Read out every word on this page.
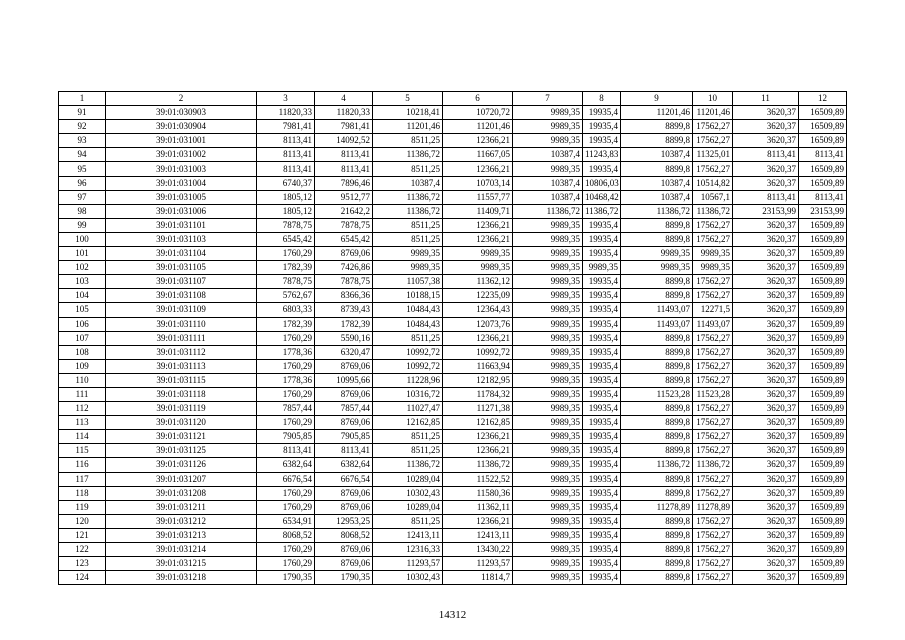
1	2	3	4	5	6	7	8	9	10	11	12
91	39:01:030903	11820,33	11820,33	10218,41	10720,72	9989,35	19935,4	11201,46	11201,46	3620,37	16509,89
92	39:01:030904	7981,41	7981,41	11201,46	11201,46	9989,35	19935,4	8899,8	17562,27	3620,37	16509,89
93	39:01:031001	8113,41	14092,52	8511,25	12366,21	9989,35	19935,4	8899,8	17562,27	3620,37	16509,89
94	39:01:031002	8113,41	8113,41	11386,72	11667,05	10387,4	11243,83	10387,4	11325,01	8113,41	8113,41
95	39:01:031003	8113,41	8113,41	8511,25	12366,21	9989,35	19935,4	8899,8	17562,27	3620,37	16509,89
96	39:01:031004	6740,37	7896,46	10387,4	10703,14	10387,4	10806,03	10387,4	10514,82	3620,37	16509,89
97	39:01:031005	1805,12	9512,77	11386,72	11557,77	10387,4	10468,42	10387,4	10567,1	8113,41	8113,41
98	39:01:031006	1805,12	21642,2	11386,72	11409,71	11386,72	11386,72	11386,72	11386,72	23153,99	23153,99
99	39:01:031101	7878,75	7878,75	8511,25	12366,21	9989,35	19935,4	8899,8	17562,27	3620,37	16509,89
100	39:01:031103	6545,42	6545,42	8511,25	12366,21	9989,35	19935,4	8899,8	17562,27	3620,37	16509,89
101	39:01:031104	1760,29	8769,06	9989,35	9989,35	9989,35	19935,4	9989,35	9989,35	3620,37	16509,89
102	39:01:031105	1782,39	7426,86	9989,35	9989,35	9989,35	9989,35	9989,35	9989,35	3620,37	16509,89
103	39:01:031107	7878,75	7878,75	11057,38	11362,12	9989,35	19935,4	8899,8	17562,27	3620,37	16509,89
104	39:01:031108	5762,67	8366,36	10188,15	12235,09	9989,35	19935,4	8899,8	17562,27	3620,37	16509,89
105	39:01:031109	6803,33	8739,43	10484,43	12364,43	9989,35	19935,4	11493,07	12271,5	3620,37	16509,89
106	39:01:031110	1782,39	1782,39	10484,43	12073,76	9989,35	19935,4	11493,07	11493,07	3620,37	16509,89
107	39:01:031111	1760,29	5590,16	8511,25	12366,21	9989,35	19935,4	8899,8	17562,27	3620,37	16509,89
108	39:01:031112	1778,36	6320,47	10992,72	10992,72	9989,35	19935,4	8899,8	17562,27	3620,37	16509,89
109	39:01:031113	1760,29	8769,06	10992,72	11663,94	9989,35	19935,4	8899,8	17562,27	3620,37	16509,89
110	39:01:031115	1778,36	10995,66	11228,96	12182,95	9989,35	19935,4	8899,8	17562,27	3620,37	16509,89
111	39:01:031118	1760,29	8769,06	10316,72	11784,32	9989,35	19935,4	11523,28	11523,28	3620,37	16509,89
112	39:01:031119	7857,44	7857,44	11027,47	11271,38	9989,35	19935,4	8899,8	17562,27	3620,37	16509,89
113	39:01:031120	1760,29	8769,06	12162,85	12162,85	9989,35	19935,4	8899,8	17562,27	3620,37	16509,89
114	39:01:031121	7905,85	7905,85	8511,25	12366,21	9989,35	19935,4	8899,8	17562,27	3620,37	16509,89
115	39:01:031125	8113,41	8113,41	8511,25	12366,21	9989,35	19935,4	8899,8	17562,27	3620,37	16509,89
116	39:01:031126	6382,64	6382,64	11386,72	11386,72	9989,35	19935,4	11386,72	11386,72	3620,37	16509,89
117	39:01:031207	6676,54	6676,54	10289,04	11522,52	9989,35	19935,4	8899,8	17562,27	3620,37	16509,89
118	39:01:031208	1760,29	8769,06	10302,43	11580,36	9989,35	19935,4	8899,8	17562,27	3620,37	16509,89
119	39:01:031211	1760,29	8769,06	10289,04	11362,11	9989,35	19935,4	11278,89	11278,89	3620,37	16509,89
120	39:01:031212	6534,91	12953,25	8511,25	12366,21	9989,35	19935,4	8899,8	17562,27	3620,37	16509,89
121	39:01:031213	8068,52	8068,52	12413,11	12413,11	9989,35	19935,4	8899,8	17562,27	3620,37	16509,89
122	39:01:031214	1760,29	8769,06	12316,33	13430,22	9989,35	19935,4	8899,8	17562,27	3620,37	16509,89
123	39:01:031215	1760,29	8769,06	11293,57	11293,57	9989,35	19935,4	8899,8	17562,27	3620,37	16509,89
124	39:01:031218	1790,35	1790,35	10302,43	11814,7	9989,35	19935,4	8899,8	17562,27	3620,37	16509,89
14312
